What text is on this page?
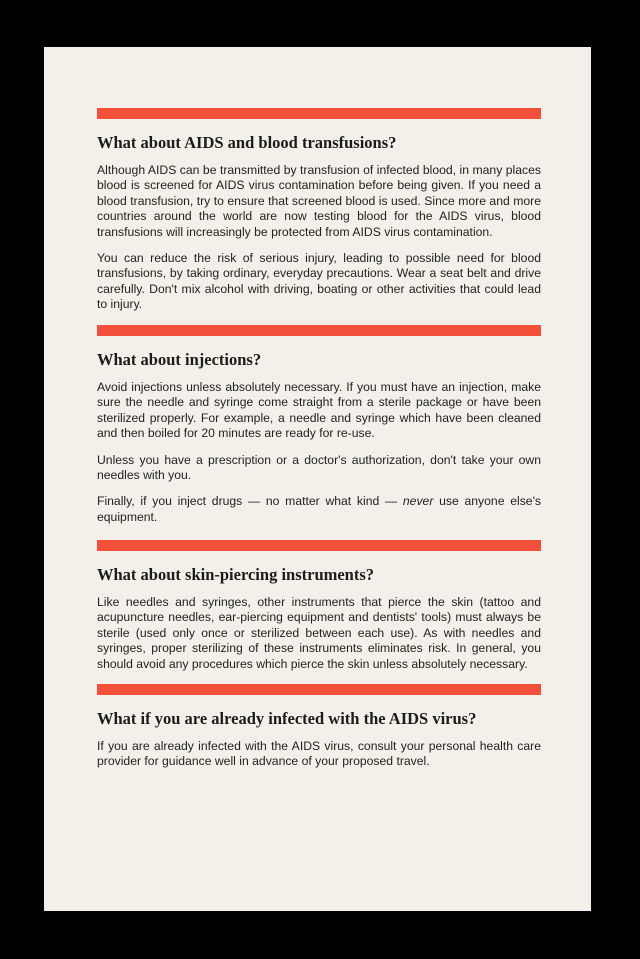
What about AIDS and blood transfusions?

Although AIDS can be transmitted by transfusion of infected blood, in many places blood is screened for AIDS virus contamination before being given. If you need a blood transfusion, try to ensure that screened blood is used. Since more and more countries around the world are now testing blood for the AIDS virus, blood transfusions will increasingly be protected from AIDS virus contamination.

You can reduce the risk of serious injury, leading to possible need for blood transfusions, by taking ordinary, everyday precautions. Wear a seat belt and drive carefully. Don't mix alcohol with driving, boating or other activities that could lead to injury.

What about injections?

Avoid injections unless absolutely necessary. If you must have an injection, make sure the needle and syringe come straight from a sterile package or have been sterilized properly. For example, a needle and syringe which have been cleaned and then boiled for 20 minutes are ready for re-use.

Unless you have a prescription or a doctor's authorization, don't take your own needles with you.

Finally, if you inject drugs — no matter what kind — never use anyone else's equipment.

What about skin-piercing instruments?

Like needles and syringes, other instruments that pierce the skin (tattoo and acupuncture needles, ear-piercing equipment and dentists' tools) must always be sterile (used only once or sterilized between each use). As with needles and syringes, proper sterilizing of these instruments eliminates risk. In general, you should avoid any procedures which pierce the skin unless absolutely necessary.

What if you are already infected with the AIDS virus?

If you are already infected with the AIDS virus, consult your personal health care provider for guidance well in advance of your proposed travel.
